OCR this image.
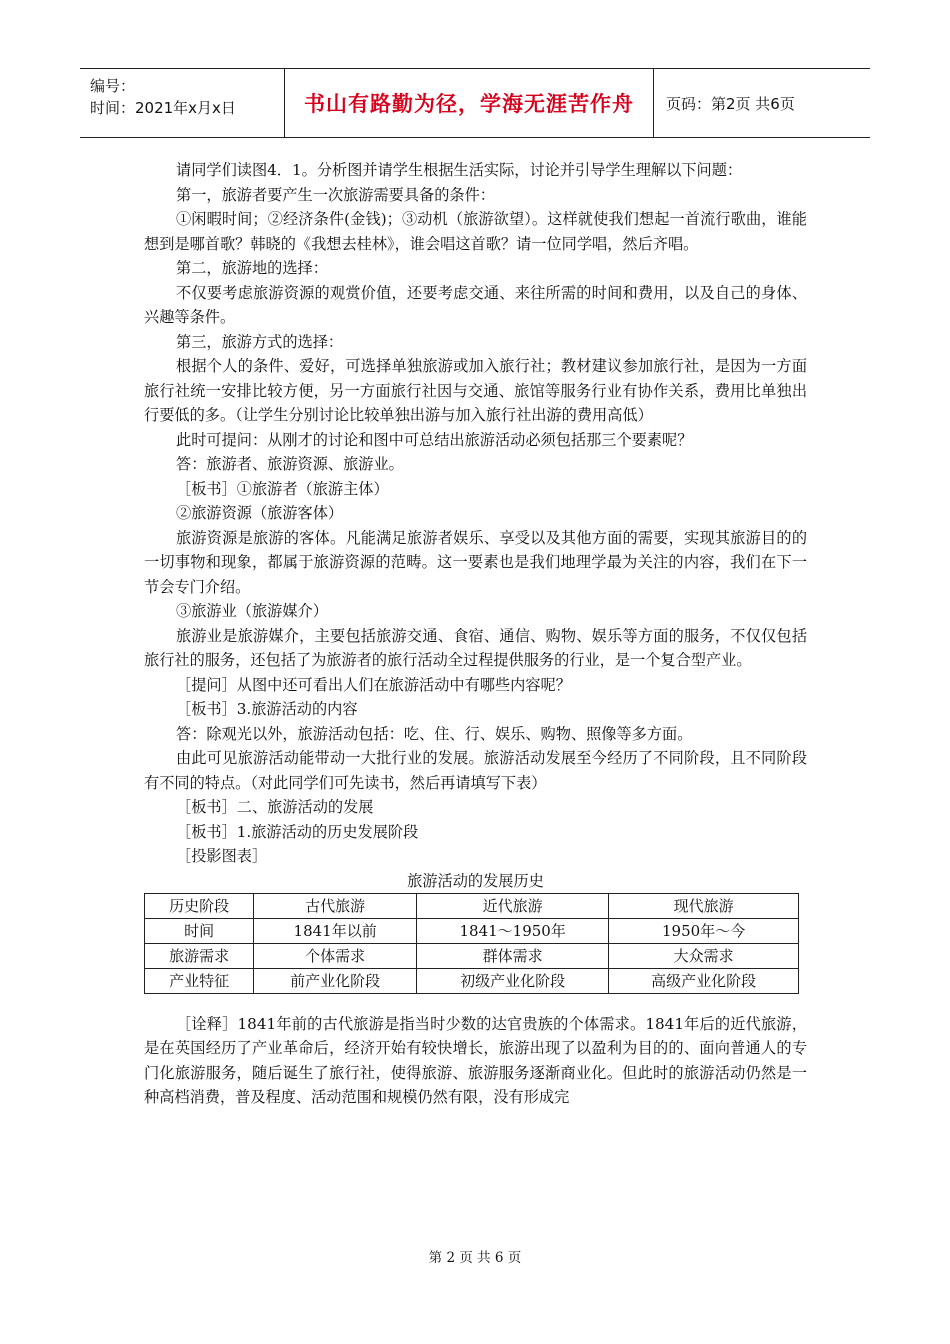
编号：
时间：2021年x月x日	书山有路勤为径，学海无涯苦作舟	页码：第2页 共6页

请同学们读图4．1。分析图并请学生根据生活实际，讨论并引导学生理解以下问题：

第一，旅游者要产生一次旅游需要具备的条件：

①闲暇时间；②经济条件(金钱)；③动机（旅游欲望）。这样就使我们想起一首流行歌曲，谁能想到是哪首歌？韩晓的《我想去桂林》，谁会唱这首歌？请一位同学唱，然后齐唱。

第二，旅游地的选择：

不仅要考虑旅游资源的观赏价值，还要考虑交通、来往所需的时间和费用，以及自己的身体、兴趣等条件。

第三，旅游方式的选择：

根据个人的条件、爱好，可选择单独旅游或加入旅行社；教材建议参加旅行社，是因为一方面旅行社统一安排比较方便，另一方面旅行社因与交通、旅馆等服务行业有协作关系，费用比单独出行要低的多。（让学生分别讨论比较单独出游与加入旅行社出游的费用高低）

此时可提问：从刚才的讨论和图中可总结出旅游活动必须包括那三个要素呢？

答：旅游者、旅游资源、旅游业。

［板书］①旅游者（旅游主体）

②旅游资源（旅游客体）

旅游资源是旅游的客体。凡能满足旅游者娱乐、享受以及其他方面的需要，实现其旅游目的的一切事物和现象，都属于旅游资源的范畴。这一要素也是我们地理学最为关注的内容，我们在下一节会专门介绍。

③旅游业（旅游媒介）

旅游业是旅游媒介，主要包括旅游交通、食宿、通信、购物、娱乐等方面的服务，不仅仅包括旅行社的服务，还包括了为旅游者的旅行活动全过程提供服务的行业，是一个复合型产业。

［提问］从图中还可看出人们在旅游活动中有哪些内容呢？

［板书］3.旅游活动的内容

答：除观光以外，旅游活动包括：吃、住、行、娱乐、购物、照像等多方面。

由此可见旅游活动能带动一大批行业的发展。旅游活动发展至今经历了不同阶段，且不同阶段有不同的特点。（对此同学们可先读书，然后再请填写下表）

［板书］二、旅游活动的发展

［板书］1.旅游活动的历史发展阶段

［投影图表］

旅游活动的发展历史
历史阶段	古代旅游	近代旅游	现代旅游
时间	1841年以前	1841～1950年	1950年～今
旅游需求	个体需求	群体需求	大众需求
产业特征	前产业化阶段	初级产业化阶段	高级产业化阶段

［诠释］1841年前的古代旅游是指当时少数的达官贵族的个体需求。1841年后的近代旅游，是在英国经历了产业革命后，经济开始有较快增长，旅游出现了以盈利为目的的、面向普通人的专门化旅游服务，随后诞生了旅行社，使得旅游、旅游服务逐渐商业化。但此时的旅游活动仍然是一种高档消费，普及程度、活动范围和规模仍然有限，没有形成完

第 2 页 共 6 页
